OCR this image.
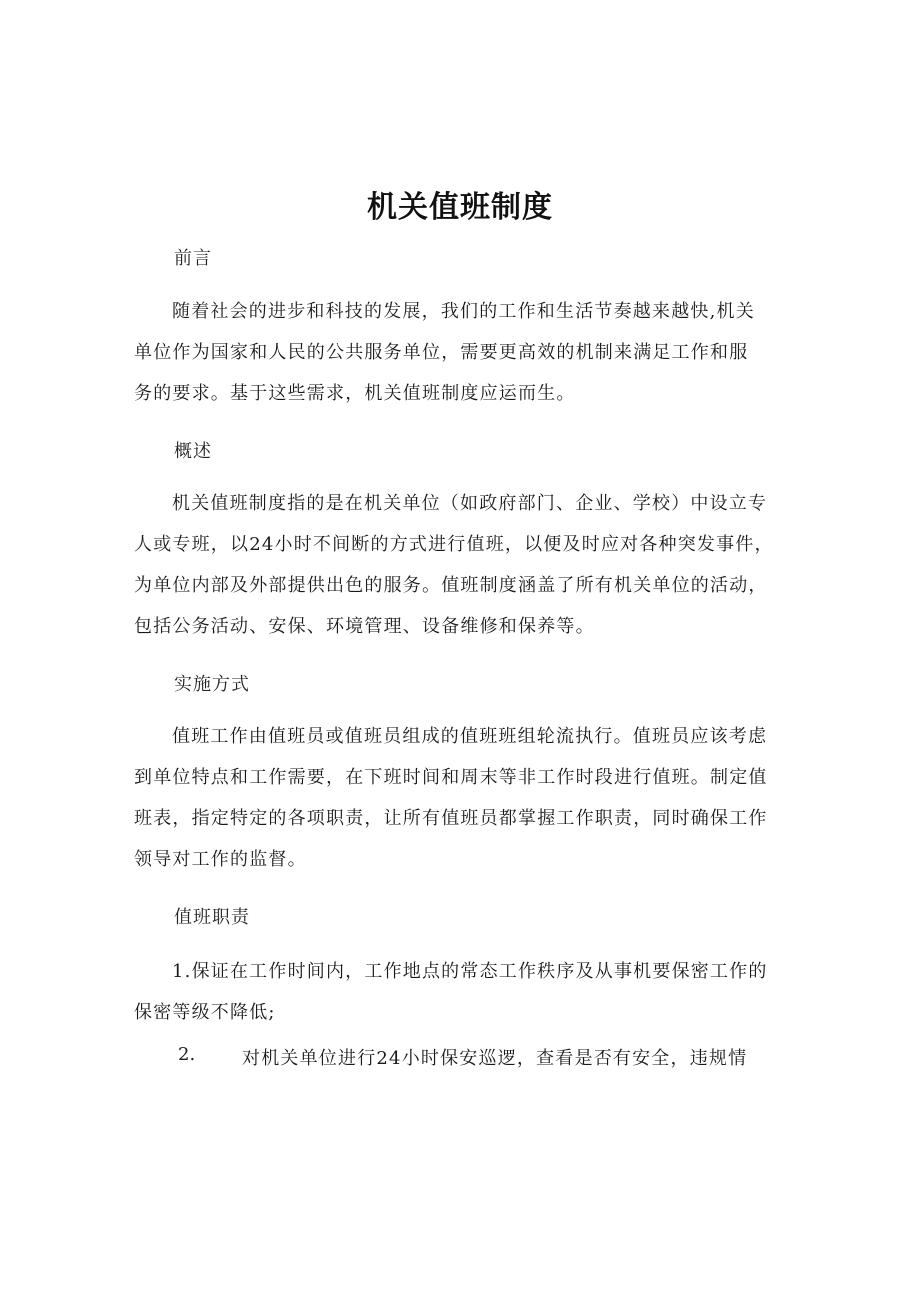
机关值班制度
前言
随着社会的进步和科技的发展，我们的工作和生活节奏越来越快,机关
单位作为国家和人民的公共服务单位，需要更高效的机制来满足工作和服
务的要求。基于这些需求，机关值班制度应运而生。
概述
机关值班制度指的是在机关单位（如政府部门、企业、学校）中设立专
人或专班，以24小时不间断的方式进行值班，以便及时应对各种突发事件，
为单位内部及外部提供出色的服务。值班制度涵盖了所有机关单位的活动，
包括公务活动、安保、环境管理、设备维修和保养等。
实施方式
值班工作由值班员或值班员组成的值班班组轮流执行。值班员应该考虑
到单位特点和工作需要，在下班时间和周末等非工作时段进行值班。制定值
班表，指定特定的各项职责，让所有值班员都掌握工作职责，同时确保工作
领导对工作的监督。
值班职责
1.保证在工作时间内，工作地点的常态工作秩序及从事机要保密工作的
保密等级不降低;
2.	对机关单位进行24小时保安巡逻，查看是否有安全，违规情
